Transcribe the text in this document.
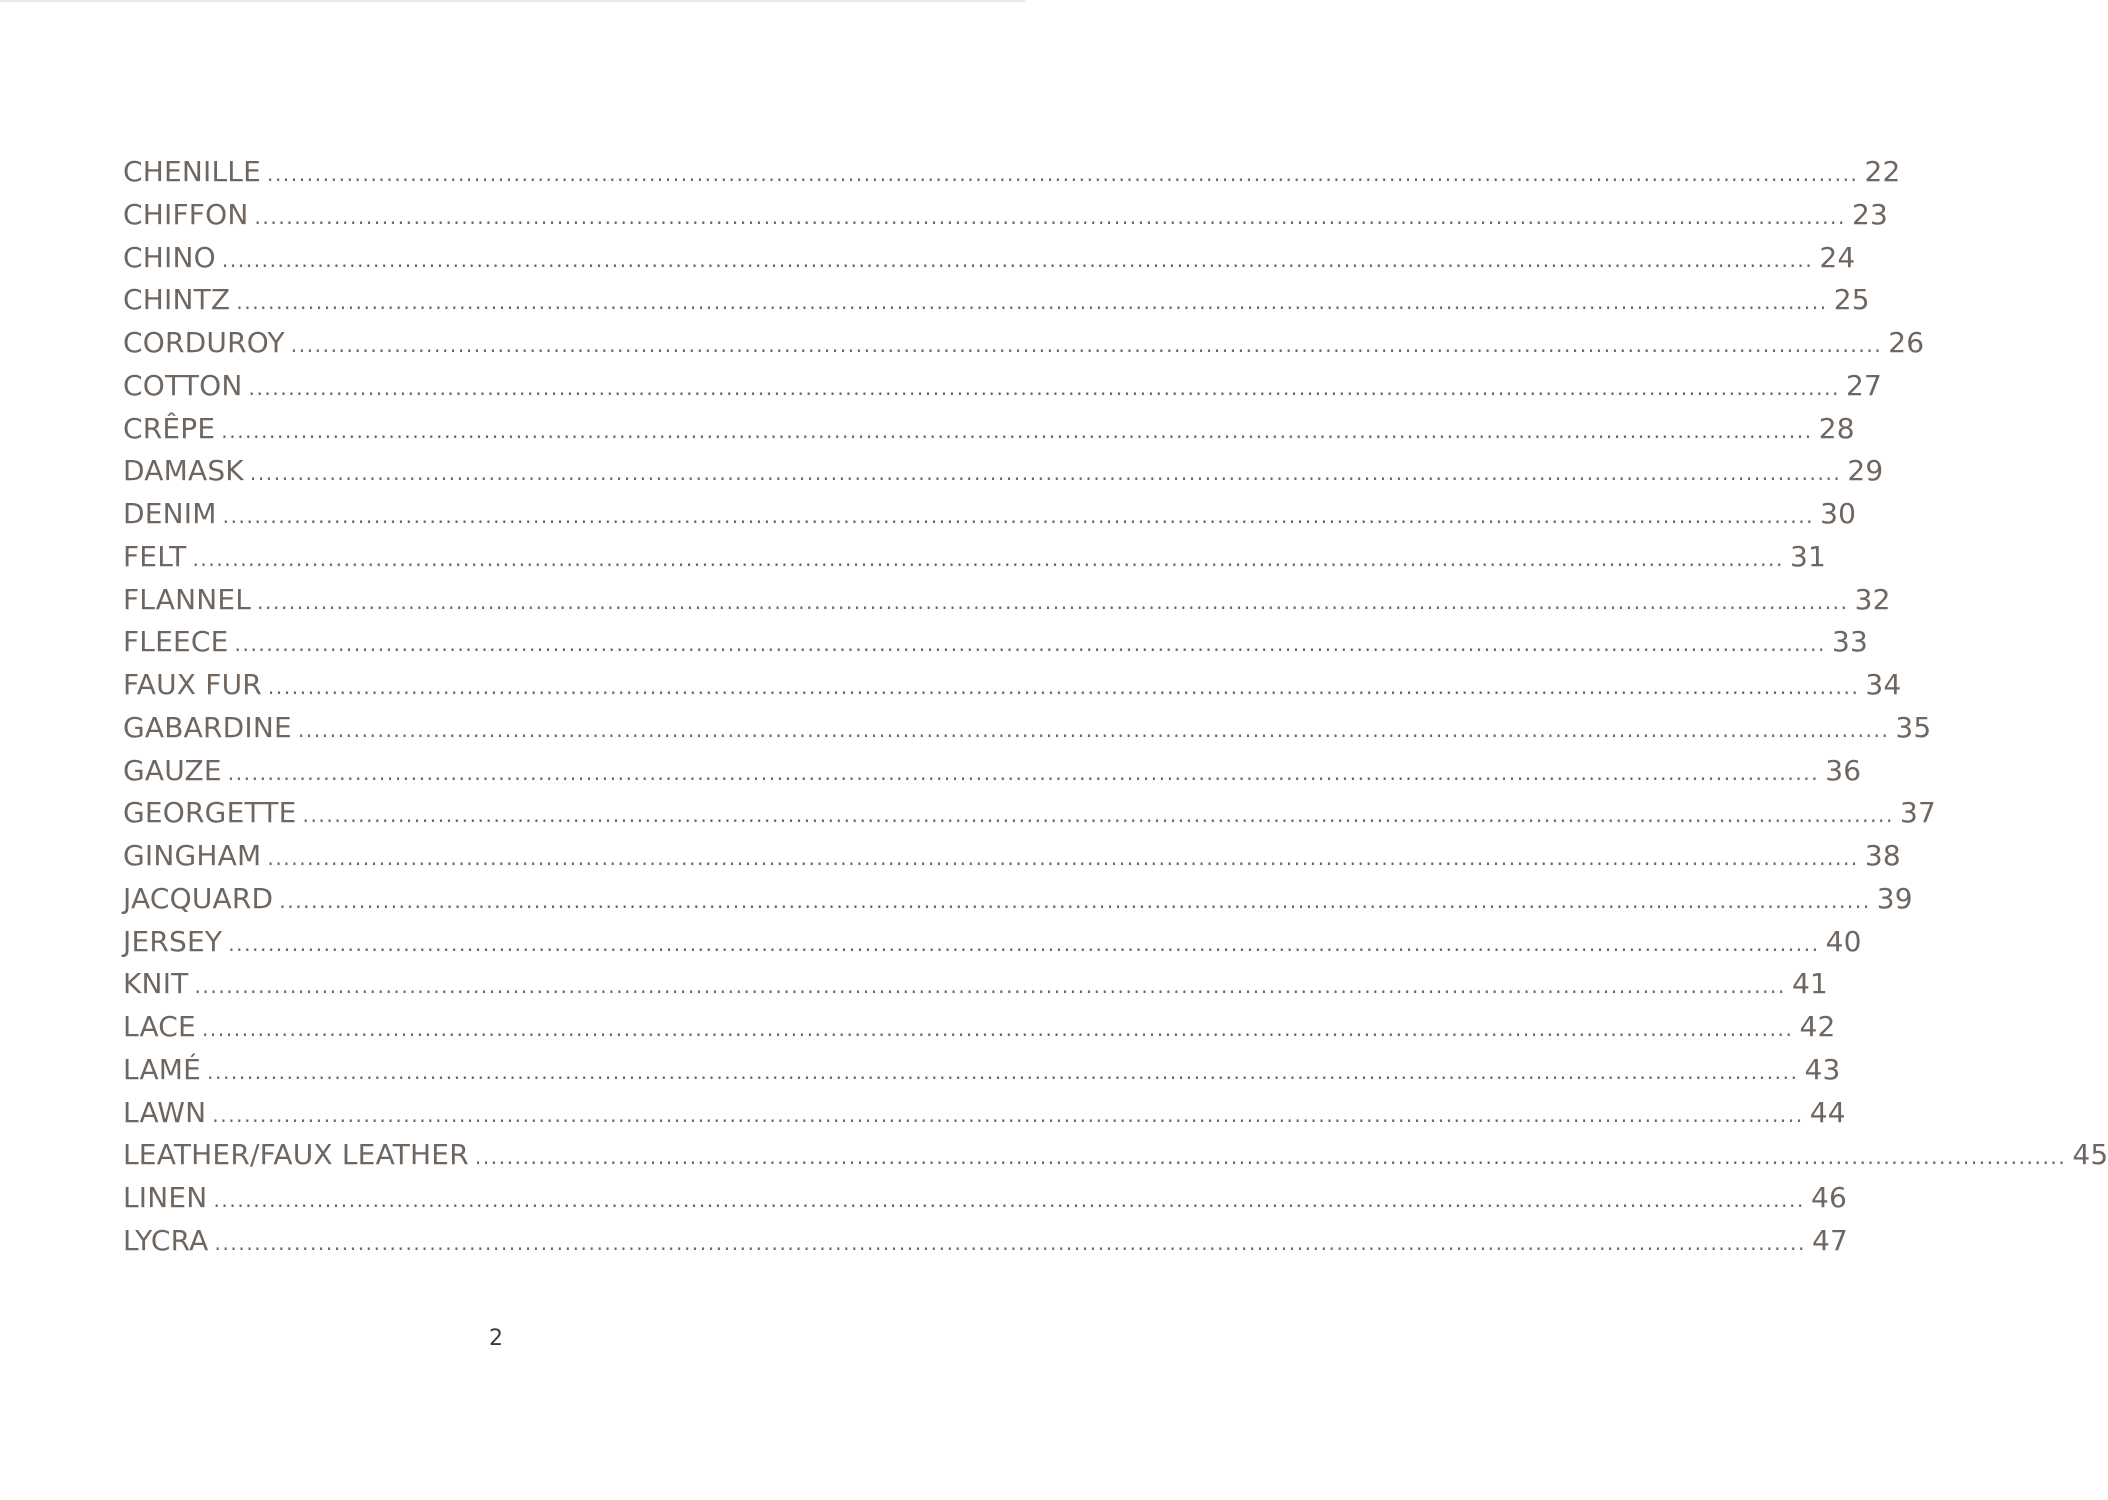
CHENILLE ........................................................................................................................................................................................................ 22
CHIFFON ........................................................................................................................................................................................................ 23
CHINO ........................................................................................................................................................................................................ 24
CHINTZ ........................................................................................................................................................................................................ 25
CORDUROY ........................................................................................................................................................................................................ 26
COTTON ........................................................................................................................................................................................................ 27
CRÊPE ........................................................................................................................................................................................................ 28
DAMASK ........................................................................................................................................................................................................ 29
DENIM ........................................................................................................................................................................................................ 30
FELT ........................................................................................................................................................................................................ 31
FLANNEL ........................................................................................................................................................................................................ 32
FLEECE ........................................................................................................................................................................................................ 33
FAUX FUR ........................................................................................................................................................................................................ 34
GABARDINE ........................................................................................................................................................................................................ 35
GAUZE ........................................................................................................................................................................................................ 36
GEORGETTE ........................................................................................................................................................................................................ 37
GINGHAM ........................................................................................................................................................................................................ 38
JACQUARD ........................................................................................................................................................................................................ 39
JERSEY ........................................................................................................................................................................................................ 40
KNIT ........................................................................................................................................................................................................ 41
LACE ........................................................................................................................................................................................................ 42
LAMÉ ........................................................................................................................................................................................................ 43
LAWN ........................................................................................................................................................................................................ 44
LEATHER/FAUX LEATHER ........................................................................................................................................................................................................ 45
LINEN ........................................................................................................................................................................................................ 46
LYCRA ........................................................................................................................................................................................................ 47
2
